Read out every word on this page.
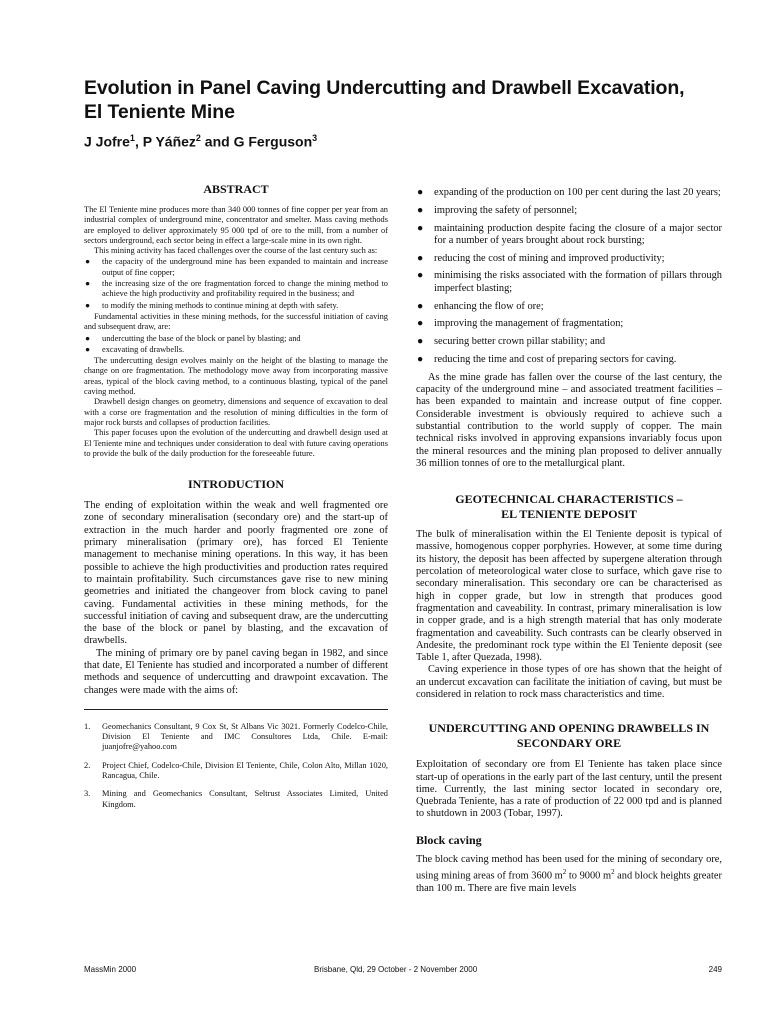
Evolution in Panel Caving Undercutting and Drawbell Excavation, El Teniente Mine
J Jofre$^1$, P Yáñez$^2$ and G Ferguson$^3$
ABSTRACT

The El Teniente mine produces more than 340 000 tonnes of fine copper per year from an industrial complex of underground mine, concentrator and smelter. Mass caving methods are employed to deliver approximately 95 000 tpd of ore to the mill, from a number of sectors underground, each sector being in effect a large-scale mine in its own right.

This mining activity has faced challenges over the course of the last century such as:

● the capacity of the underground mine has been expanded to maintain and increase output of fine copper;
● the increasing size of the ore fragmentation forced to change the mining method to achieve the high productivity and profitability required in the business; and
● to modify the mining methods to continue mining at depth with safety.

Fundamental activities in these mining methods, for the successful initiation of caving and subsequent draw, are:

● undercutting the base of the block or panel by blasting; and
● excavating of drawbells.

The undercutting design evolves mainly on the height of the blasting to manage the change on ore fragmentation. The methodology move away from incorporating massive areas, typical of the block caving method, to a continuous blasting, typical of the panel caving method.

Drawbell design changes on geometry, dimensions and sequence of excavation to deal with a corse ore fragmentation and the resolution of mining difficulties in the form of major rock bursts and collapses of production facilities.

This paper focuses upon the evolution of the undercutting and drawbell design used at El Teniente mine and techniques under consideration to deal with future caving operations to provide the bulk of the daily production for the foreseeable future.

INTRODUCTION

The ending of exploitation within the weak and well fragmented ore zone of secondary mineralisation (secondary ore) and the start-up of extraction in the much harder and poorly fragmented ore zone of primary mineralisation (primary ore), has forced El Teniente management to mechanise mining operations. In this way, it has been possible to achieve the high productivities and production rates required to maintain profitability. Such circumstances gave rise to new mining geometries and initiated the changeover from block caving to panel caving. Fundamental activities in these mining methods, for the successful initiation of caving and subsequent draw, are the undercutting the base of the block or panel by blasting, and the excavation of drawbells.

The mining of primary ore by panel caving began in 1982, and since that date, El Teniente has studied and incorporated a number of different methods and sequence of undercutting and drawpoint excavation. The changes were made with the aims of:

1. Geomechanics Consultant, 9 Cox St, St Albans Vic 3021. Formerly Codelco-Chile, Division El Teniente and IMC Consultores Ltda, Chile. E-mail: juanjofre@yahoo.com
2. Project Chief, Codelco-Chile, Division El Teniente, Chile, Colon Alto, Millan 1020, Rancagua, Chile.
3. Mining and Geomechanics Consultant, Seltrust Associates Limited, United Kingdom.
● expanding of the production on 100 per cent during the last 20 years;
● improving the safety of personnel;
● maintaining production despite facing the closure of a major sector for a number of years brought about rock bursting;
● reducing the cost of mining and improved productivity;
● minimising the risks associated with the formation of pillars through imperfect blasting;
● enhancing the flow of ore;
● improving the management of fragmentation;
● securing better crown pillar stability; and
● reducing the time and cost of preparing sectors for caving.

As the mine grade has fallen over the course of the last century, the capacity of the underground mine – and associated treatment facilities – has been expanded to maintain and increase output of fine copper. Considerable investment is obviously required to achieve such a substantial contribution to the world supply of copper. The main technical risks involved in approving expansions invariably focus upon the mineral resources and the mining plan proposed to deliver annually 36 million tonnes of ore to the metallurgical plant.

GEOTECHNICAL CHARACTERISTICS –
EL TENIENTE DEPOSIT

The bulk of mineralisation within the El Teniente deposit is typical of massive, homogenous copper porphyries. However, at some time during its history, the deposit has been affected by supergene alteration through percolation of meteorological water close to surface, which gave rise to secondary mineralisation. This secondary ore can be characterised as high in copper grade, but low in strength that produces good fragmentation and caveability. In contrast, primary mineralisation is low in copper grade, and is a high strength material that has only moderate fragmentation and caveability. Such contrasts can be clearly observed in Andesite, the predominant rock type within the El Teniente deposit (see Table 1, after Quezada, 1998).

Caving experience in those types of ore has shown that the height of an undercut excavation can facilitate the initiation of caving, but must be considered in relation to rock mass characteristics and time.

UNDERCUTTING AND OPENING DRAWBELLS IN
SECONDARY ORE

Exploitation of secondary ore from El Teniente has taken place since start-up of operations in the early part of the last century, until the present time. Currently, the last mining sector located in secondary ore, Quebrada Teniente, has a rate of production of 22 000 tpd and is planned to shutdown in 2003 (Tobar, 1997).

Block caving

The block caving method has been used for the mining of secondary ore, using mining areas of from 3600 $m^2$ to 9000 $m^2$ and block heights greater than 100 m. There are five main levels

MassMin 2000	Brisbane, Qld, 29 October - 2 November 2000	249
